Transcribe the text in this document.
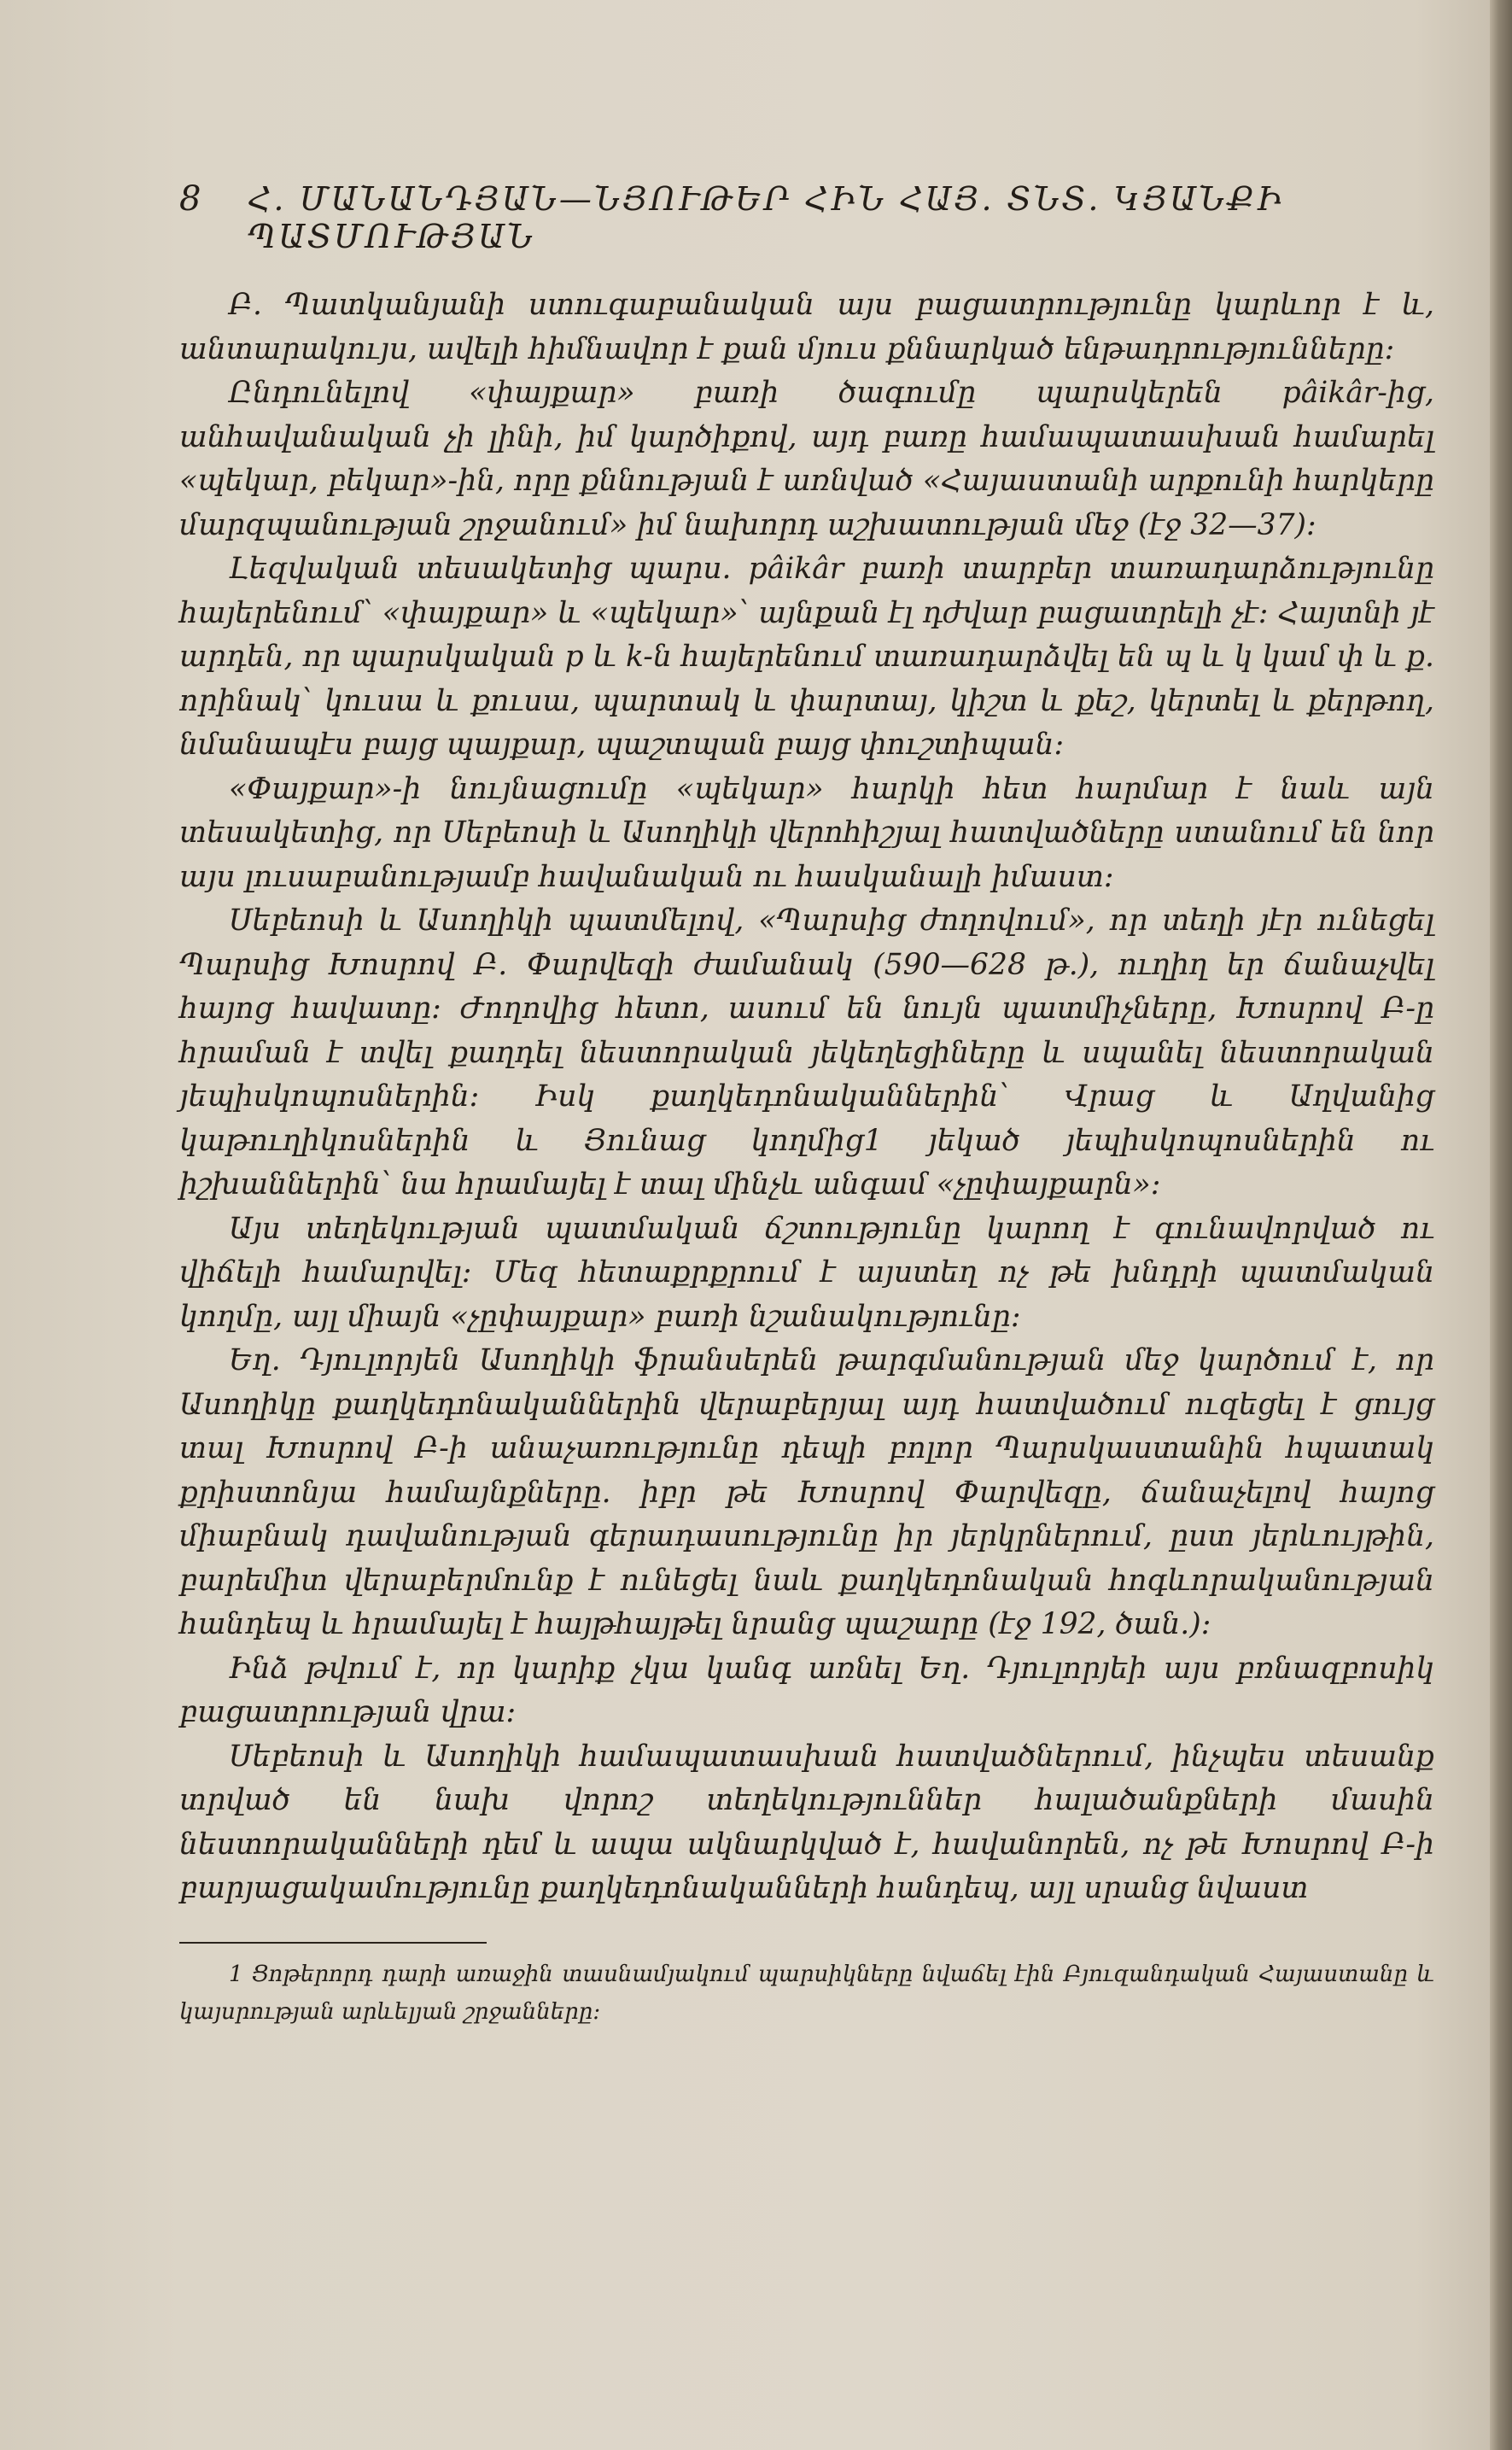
8	Հ. ՄԱՆԱՆԴՅԱՆ—ՆՅՈՒԹԵՐ ՀԻՆ ՀԱՅ. ՏՆՏ. ԿՅԱՆՔԻ ՊԱՏՄՈՒԹՅԱՆ

Բ. Պատկանյանի ստուգաբանական այս բացատրությունը կարևոր է և, անտարակույս, ավելի հիմնավոր է քան մյուս քննարկած ենթադրությունները։

Ընդունելով «փայքար» բառի ծագումը պարսկերեն pâikâr-ից, անհավանական չի լինի, իմ կարծիքով, այդ բառը համապատասխան համարել «պեկար, բեկար»-ին, որը քննության է առնված «Հայաստանի արքունի հարկերը մարզպանության շրջանում» իմ նախորդ աշխատության մեջ (էջ 32—37)։

Լեզվական տեսակետից պարս. pâikâr բառի տարբեր տառադարձությունը հայերենում՝ «փայքար» և «պեկար»՝ այնքան էլ դժվար բացատրելի չէ։ Հայտնի յէ արդեն, որ պարսկական p և k-ն հայերենում տառադարձվել են պ և կ կամ փ և ք. որինակ՝ կուսա և քուսա, պարտակ և փարտայ, կիշտ և քեշ, կերտել և քերթող, նմանապէս բայց պայքար, պաշտպան բայց փուշտիպան։

«Փայքար»-ի նույնացումը «պեկար» հարկի հետ հարմար է նաև այն տեսակետից, որ Սեբեոսի և Ասողիկի վերոհիշյալ հատվածները ստանում են նոր այս լուսաբանությամբ հավանական ու հասկանալի իմաստ։

Սեբեոսի և Ասողիկի պատմելով, «Պարսից ժողովում», որ տեղի յէր ունեցել Պարսից Խոսրով Բ. Փարվեզի ժամանակ (590—628 թ.), ուղիղ եր ճանաչվել հայոց հավատը։ Ժողովից հետո, ասում են նույն պատմիչները, Խոսրով Բ-ը հրաման է տվել քաղդել նեստորական յեկեղեցիները և սպանել նեստորական յեպիսկոպոսներին։ Իսկ քաղկեդոնականներին՝ Վրաց և Աղվանից կաթուղիկոսներին և Յունաց կողմից1 յեկած յեպիսկոպոսներին ու իշխաններին՝ նա հրամայել է տալ մինչև անգամ «չըփայքարն»։

Այս տեղեկության պատմական ճշտությունը կարող է գունավորված ու վիճելի համարվել։ Մեզ հետաքրքրում է այստեղ ոչ թե խնդրի պատմական կողմը, այլ միայն «չըփայքար» բառի նշանակությունը։

Եղ. Դյուլորյեն Ասողիկի ֆրանսերեն թարգմանության մեջ կարծում է, որ Ասողիկը քաղկեդոնականներին վերաբերյալ այդ հատվածում ուզեցել է ցույց տալ Խոսրով Բ-ի անաչառությունը դեպի բոլոր Պարսկաստանին հպատակ քրիստոնյա համայնքները. իբր թե Խոսրով Փարվեզը, ճանաչելով հայոց միաբնակ դավանության գերադասությունը իր յերկրներում, ըստ յերևույթին, բարեմիտ վերաբերմունք է ունեցել նաև քաղկեդոնական հոգևորականության հանդեպ և հրամայել է հայթհայթել նրանց պաշարը (էջ 192, ծան.)։

Ինձ թվում է, որ կարիք չկա կանգ առնել Եղ. Դյուլորյեի այս բռնազբոսիկ բացատրության վրա։

Սեբեոսի և Ասողիկի համապատասխան հատվածներում, ինչպես տեսանք տրված են նախ վորոշ տեղեկություններ հալածանքների մասին նեստորականների դեմ և ապա ակնարկված է, հավանորեն, ոչ թե Խոսրով Բ-ի բարյացակամությունը քաղկեդոնականների հանդեպ, այլ սրանց նվաստ

1 Ցոթերորդ դարի առաջին տասնամյակում պարսիկները նվաճել էին Բյուզանդական Հայաստանը և կայսրության արևելյան շրջանները։
